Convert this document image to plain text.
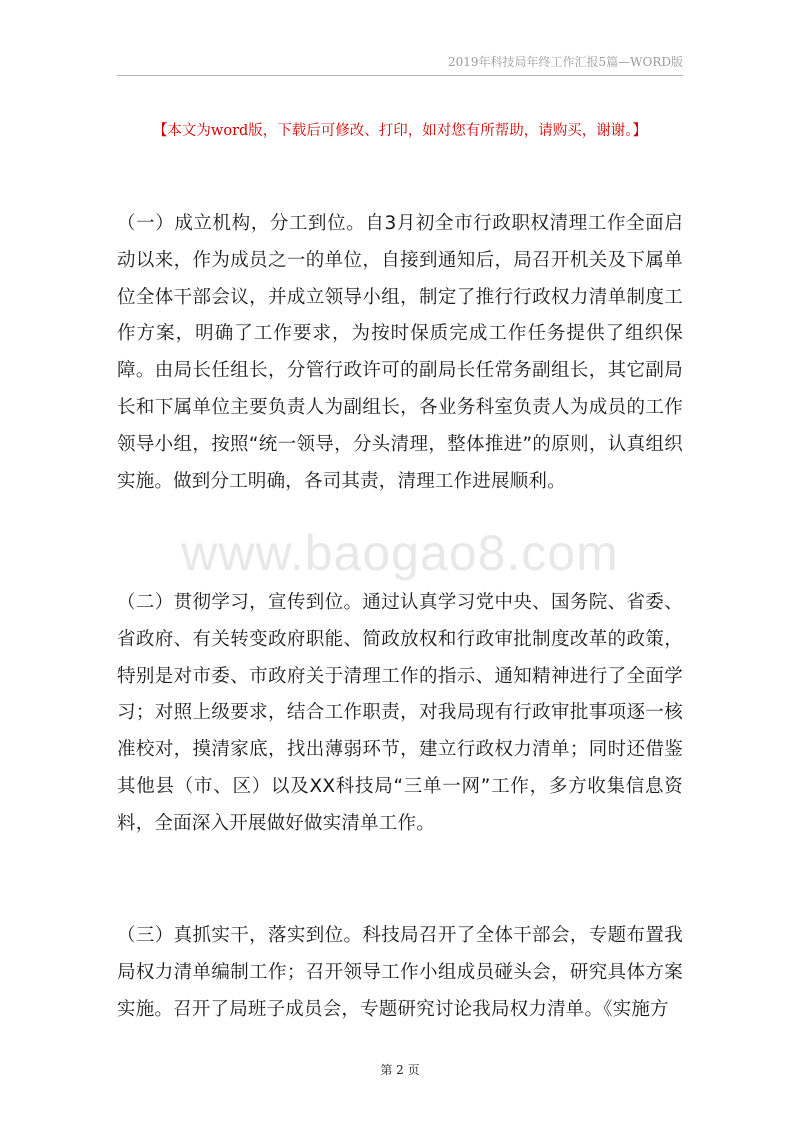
2019年科技局年终工作汇报5篇—WORD版
【本文为word版，下载后可修改、打印，如对您有所帮助，请购买，谢谢。】
www.baogao8.com
（一）成立机构，分工到位。自3月初全市行政职权清理工作全面启动以来，作为成员之一的单位，自接到通知后，局召开机关及下属单位全体干部会议，并成立领导小组，制定了推行行政权力清单制度工作方案，明确了工作要求，为按时保质完成工作任务提供了组织保障。由局长任组长，分管行政许可的副局长任常务副组长，其它副局长和下属单位主要负责人为副组长，各业务科室负责人为成员的工作领导小组，按照“统一领导，分头清理，整体推进”的原则，认真组织实施。做到分工明确，各司其责，清理工作进展顺利。
（二）贯彻学习，宣传到位。通过认真学习党中央、国务院、省委、省政府、有关转变政府职能、简政放权和行政审批制度改革的政策，特别是对市委、市政府关于清理工作的指示、通知精神进行了全面学习；对照上级要求，结合工作职责，对我局现有行政审批事项逐一核准校对，摸清家底，找出薄弱环节，建立行政权力清单；同时还借鉴其他县（市、区）以及XX科技局“三单一网”工作，多方收集信息资料，全面深入开展做好做实清单工作。
（三）真抓实干，落实到位。科技局召开了全体干部会，专题布置我局权力清单编制工作；召开领导工作小组成员碰头会，研究具体方案实施。召开了局班子成员会，专题研究讨论我局权力清单。《实施方
第 2 页
